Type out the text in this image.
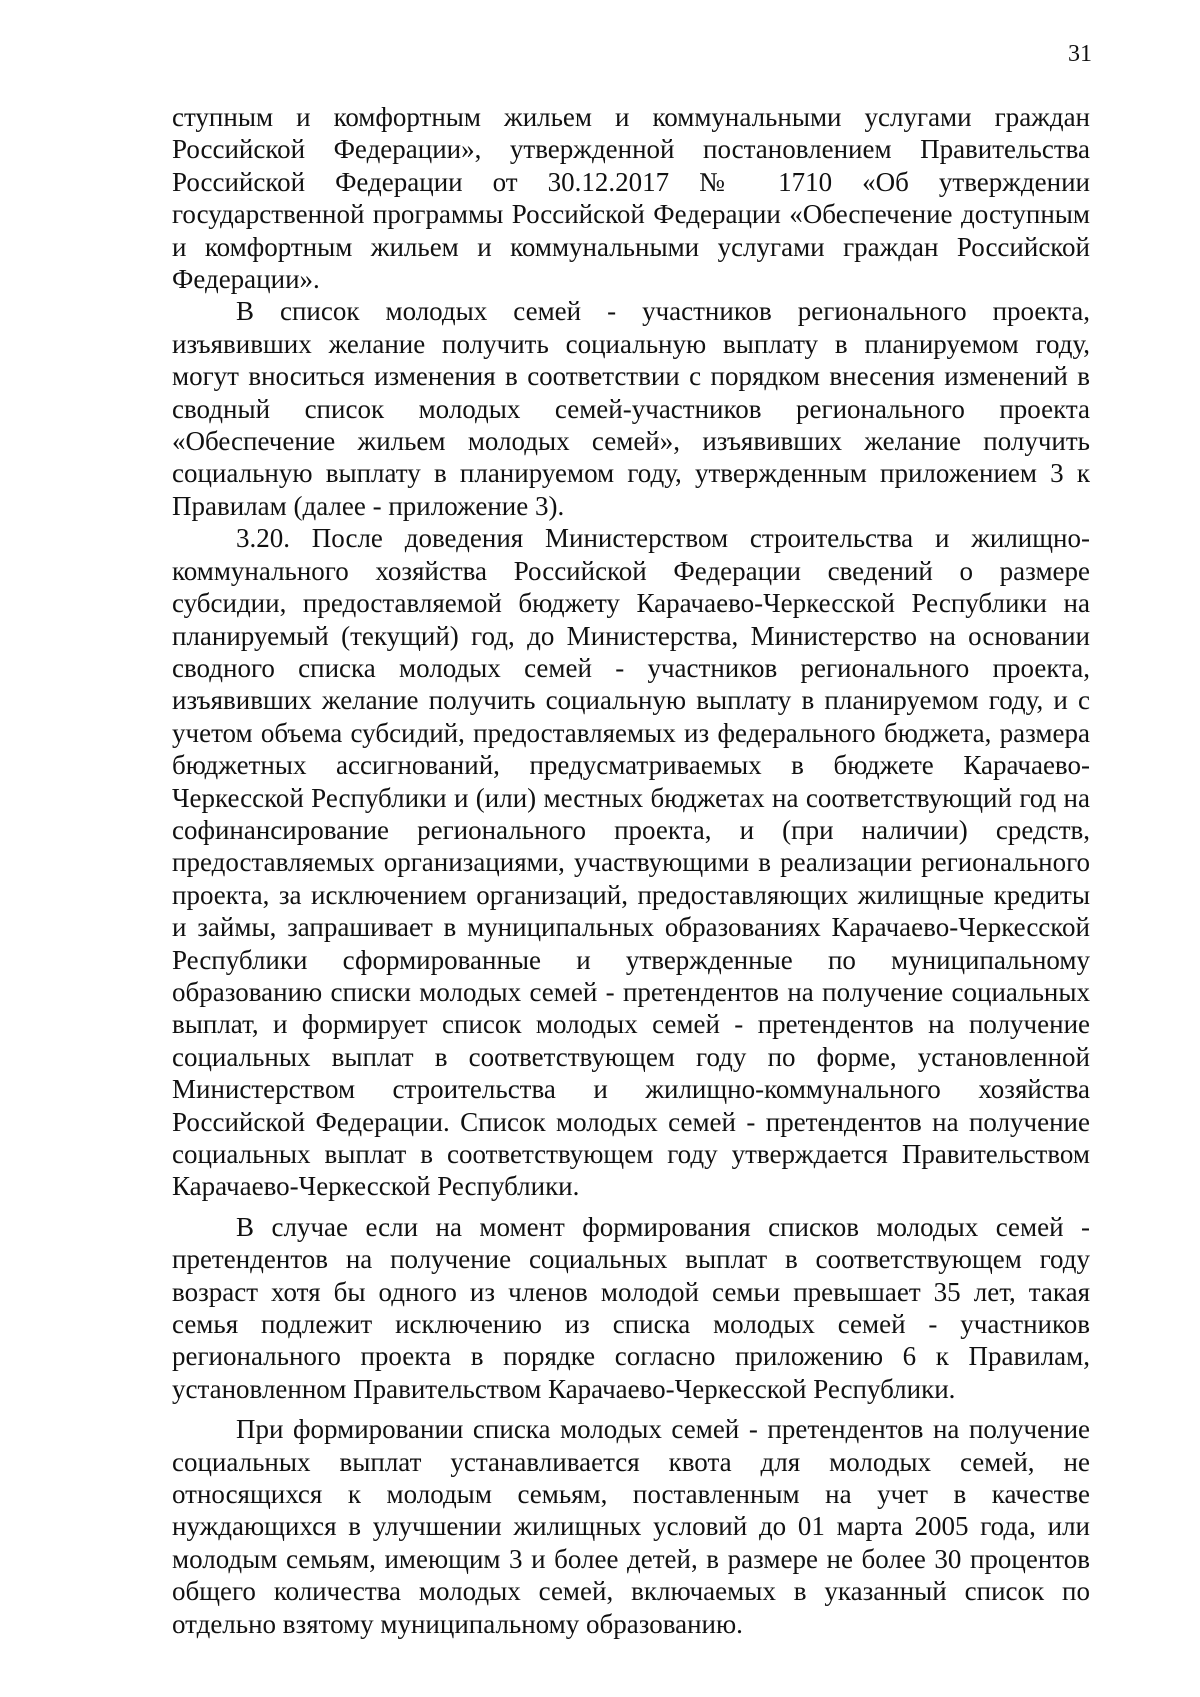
31

ступным и комфортным жильем и коммунальными услугами граждан Российской Федерации», утвержденной постановлением Правительства Российской Федерации от 30.12.2017 № 1710 «Об утверждении государственной программы Российской Федерации «Обеспечение доступным и комфортным жильем и коммунальными услугами граждан Российской Федерации».

В список молодых семей - участников регионального проекта, изъявивших желание получить социальную выплату в планируемом году, могут вноситься изменения в соответствии с порядком внесения изменений в сводный список молодых семей-участников регионального проекта «Обеспечение жильем молодых семей», изъявивших желание получить социальную выплату в планируемом году, утвержденным приложением 3 к Правилам (далее - приложение 3).

3.20. После доведения Министерством строительства и жилищно-коммунального хозяйства Российской Федерации сведений о размере субсидии, предоставляемой бюджету Карачаево-Черкесской Республики на планируемый (текущий) год, до Министерства, Министерство на основании сводного списка молодых семей - участников регионального проекта, изъявивших желание получить социальную выплату в планируемом году, и с учетом объема субсидий, предоставляемых из федерального бюджета, размера бюджетных ассигнований, предусматриваемых в бюджете Карачаево-Черкесской Республики и (или) местных бюджетах на соответствующий год на софинансирование регионального проекта, и (при наличии) средств, предоставляемых организациями, участвующими в реализации регионального проекта, за исключением организаций, предоставляющих жилищные кредиты и займы, запрашивает в муниципальных образованиях Карачаево-Черкесской Республики сформированные и утвержденные по муниципальному образованию списки молодых семей - претендентов на получение социальных выплат, и формирует список молодых семей - претендентов на получение социальных выплат в соответствующем году по форме, установленной Министерством строительства и жилищно-коммунального хозяйства Российской Федерации. Список молодых семей - претендентов на получение социальных выплат в соответствующем году утверждается Правительством Карачаево-Черкесской Республики.

В случае если на момент формирования списков молодых семей - претендентов на получение социальных выплат в соответствующем году возраст хотя бы одного из членов молодой семьи превышает 35 лет, такая семья подлежит исключению из списка молодых семей - участников регионального проекта в порядке согласно приложению 6 к Правилам, установленном Правительством Карачаево-Черкесской Республики.

При формировании списка молодых семей - претендентов на получение социальных выплат устанавливается квота для молодых семей, не относящихся к молодым семьям, поставленным на учет в качестве нуждающихся в улучшении жилищных условий до 01 марта 2005 года, или молодым семьям, имеющим 3 и более детей, в размере не более 30 процентов общего количества молодых семей, включаемых в указанный список по отдельно взятому муниципальному образованию.
